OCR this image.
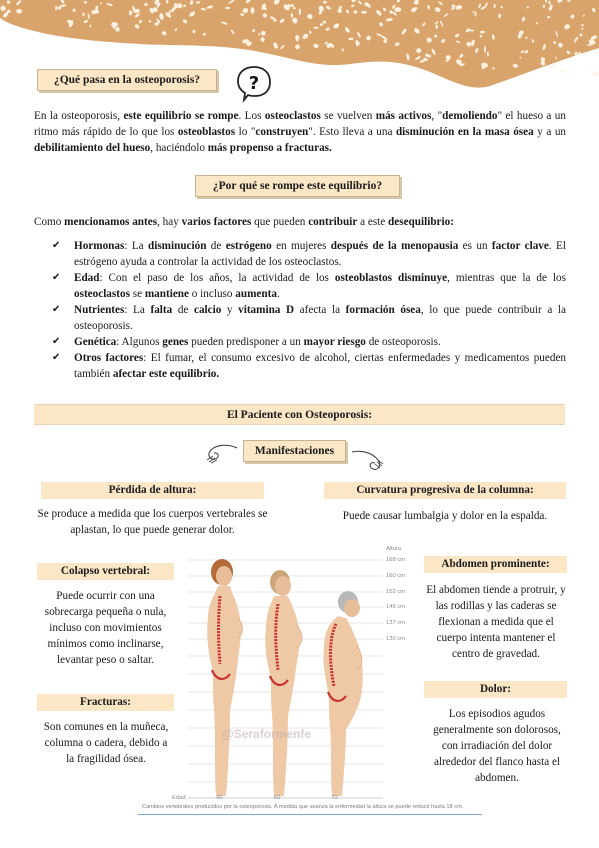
¿Qué pasa en la osteoporosis?	?
En la osteoporosis, este equilibrio se rompe. Los osteoclastos se vuelven más activos, "demoliendo" el hueso a un ritmo más rápido de lo que los osteoblastos lo "construyen". Esto lleva a una disminución en la masa ósea y a un debilitamiento del hueso, haciéndolo más propenso a fracturas.
¿Por qué se rompe este equilibrio?
Como mencionamos antes, hay varios factores que pueden contribuir a este desequilibrio:
✔ Hormonas: La disminución de estrógeno en mujeres después de la menopausia es un factor clave. El estrógeno ayuda a controlar la actividad de los osteoclastos.
✔ Edad: Con el paso de los años, la actividad de los osteoblastos disminuye, mientras que la de los osteoclastos se mantiene o incluso aumenta.
✔ Nutrientes: La falta de calcio y vitamina D afecta la formación ósea, lo que puede contribuir a la osteoporosis.
✔ Genética: Algunos genes pueden predisponer a un mayor riesgo de osteoporosis.
✔ Otros factores: El fumar, el consumo excesivo de alcohol, ciertas enfermedades y medicamentos pueden también afectar este equilibrio.
El Paciente con Osteoporosis:
Manifestaciones
Pérdida de altura:
Se produce a medida que los cuerpos vertebrales se aplastan, lo que puede generar dolor.
Curvatura progresiva de la columna:
Puede causar lumbalgia y dolor en la espalda.
Colapso vertebral:
Puede ocurrir con una sobrecarga pequeña o nula, incluso con movimientos mínimos como inclinarse, levantar peso o saltar.
Fracturas:
Son comunes en la muñeca, columna o cadera, debido a la fragilidad ósea.
Abdomen prominente:
El abdomen tiende a protruir, y las rodillas y las caderas se flexionan a medida que el cuerpo intenta mantener el centro de gravedad.
Dolor:
Los episodios agudos generalmente son dolorosos, con irradiación del dolor alrededor del flanco hasta el abdomen.
Altura
168 cm
160 cm
152 cm
145 cm
137 cm
130 cm
Edad	40	60	70
@Seraformenfe
Cambios vertebrales producidos por la osteoporosis. A medida que avanza la enfermedad la altura se puede reducir hasta 18 cm.
